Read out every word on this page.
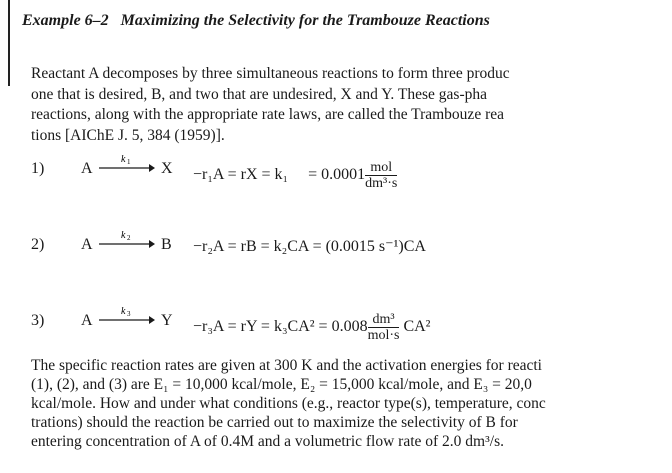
Example 6–2 Maximizing the Selectivity for the Trambouze Reactions
Reactant A decomposes by three simultaneous reactions to form three produc
one that is desired, B, and two that are undesired, X and Y. These gas-pha
reactions, along with the appropriate rate laws, are called the Trambouze rea
tions [AIChE J. 5, 384 (1959)].
1) A
k 1 X −r₁A = rX = $k_1 = 0.0001 \frac{\text{mol}}{\text{dm³·s}}$
2) A
k 2 B −r₂A = rB = k₂CA = (0.0015 s⁻¹)CA
3) A
k 3 Y −r₃A = rY = $k_3CA^2 = 0.008 \frac{\text{dm³}}{\text{mol·s}} CA^2$
The specific reaction rates are given at 300 K and the activation energies for reacti
(1), (2), and (3) are E₁ = 10,000 kcal/mole, E₂ = 15,000 kcal/mole, and E₃ = 20,0
kcal/mole. How and under what conditions (e.g., reactor type(s), temperature, conc
trations) should the reaction be carried out to maximize the selectivity of B for
entering concentration of A of 0.4M and a volumetric flow rate of 2.0 dm³/s.
